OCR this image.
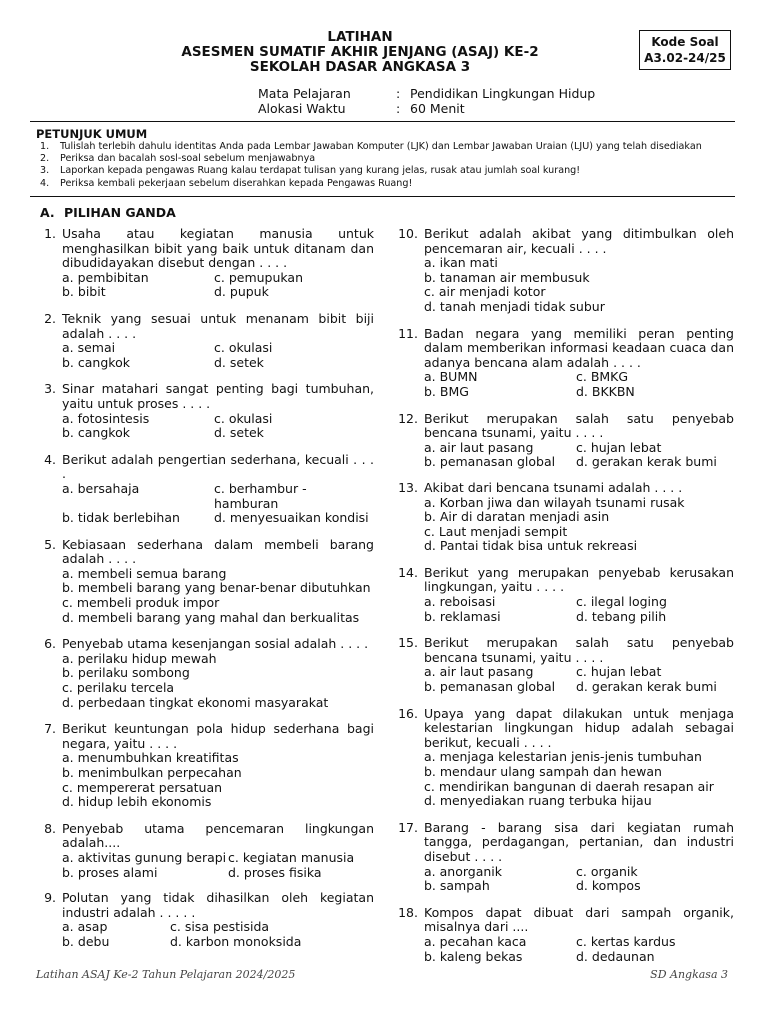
Kode Soal
A3.02-24/25
LATIHAN
ASESMEN SUMATIF AKHIR JENJANG (ASAJ) KE-2
SEKOLAH DASAR ANGKASA 3
Mata Pelajaran	: Pendidikan Lingkungan Hidup
Alokasi Waktu	: 60 Menit
PETUNJUK UMUM
1.	Tulislah terlebih dahulu identitas Anda pada Lembar Jawaban Komputer (LJK) dan Lembar Jawaban Uraian (LJU) yang telah disediakan
2.	Periksa dan bacalah sosl-soal sebelum menjawabnya
3.	Laporkan kepada pengawas Ruang kalau terdapat tulisan yang kurang jelas, rusak atau jumlah soal kurang!
4.	Periksa kembali pekerjaan sebelum diserahkan kepada Pengawas Ruang!
A. PILIHAN GANDA
1. Usaha atau kegiatan manusia untuk menghasilkan bibit yang baik untuk ditanam dan dibudidayakan disebut dengan . . . .
a. pembibitan	c. pemupukan
b. bibit	d. pupuk
2. Teknik yang sesuai untuk menanam bibit biji adalah . . . .
a. semai	c. okulasi
b. cangkok	d. setek
3. Sinar matahari sangat penting bagi tumbuhan, yaitu untuk proses . . . .
a. fotosintesis	c. okulasi
b. cangkok	d. setek
4. Berikut adalah pengertian sederhana, kecuali . . . .
a. bersahaja	c. berhambur - hamburan
b. tidak berlebihan	d. menyesuaikan kondisi
5. Kebiasaan sederhana dalam membeli barang adalah . . . .
a. membeli semua barang
b. membeli barang yang benar-benar dibutuhkan
c. membeli produk impor
d. membeli barang yang mahal dan berkualitas
6. Penyebab utama kesenjangan sosial adalah . . . .
a. perilaku hidup mewah
b. perilaku sombong
c. perilaku tercela
d. perbedaan tingkat ekonomi masyarakat
7. Berikut keuntungan pola hidup sederhana bagi negara, yaitu . . . .
a. menumbuhkan kreatifitas
b. menimbulkan perpecahan
c. mempererat persatuan
d. hidup lebih ekonomis
8. Penyebab utama pencemaran lingkungan adalah....
a. aktivitas gunung berapi c. kegiatan manusia
b. proses alami	d. proses fisika
9. Polutan yang tidak dihasilkan oleh kegiatan industri adalah . . . . .
a. asap	c. sisa pestisida
b. debu	d. karbon monoksida
10. Berikut adalah akibat yang ditimbulkan oleh pencemaran air, kecuali . . . .
a. ikan mati
b. tanaman air membusuk
c. air menjadi kotor
d. tanah menjadi tidak subur
11. Badan negara yang memiliki peran penting dalam memberikan informasi keadaan cuaca dan adanya bencana alam adalah . . . .
a. BUMN	c. BMKG
b. BMG	d. BKKBN
12. Berikut merupakan salah satu penyebab bencana tsunami, yaitu . . . .
a. air laut pasang	c. hujan lebat
b. pemanasan global	d. gerakan kerak bumi
13. Akibat dari bencana tsunami adalah . . . .
a. Korban jiwa dan wilayah tsunami rusak
b. Air di daratan menjadi asin
c. Laut menjadi sempit
d. Pantai tidak bisa untuk rekreasi
14. Berikut yang merupakan penyebab kerusakan lingkungan, yaitu . . . .
a. reboisasi	c. ilegal loging
b. reklamasi	d. tebang pilih
15. Berikut merupakan salah satu penyebab bencana tsunami, yaitu . . . .
a. air laut pasang	c. hujan lebat
b. pemanasan global	d. gerakan kerak bumi
16. Upaya yang dapat dilakukan untuk menjaga kelestarian lingkungan hidup adalah sebagai berikut, kecuali . . . .
a. menjaga kelestarian jenis-jenis tumbuhan
b. mendaur ulang sampah dan hewan
c. mendirikan bangunan di daerah resapan air
d. menyediakan ruang terbuka hijau
17. Barang - barang sisa dari kegiatan rumah tangga, perdagangan, pertanian, dan industri disebut . . . .
a. anorganik	c. organik
b. sampah	d. kompos
18. Kompos dapat dibuat dari sampah organik, misalnya dari ....
a. pecahan kaca	c. kertas kardus
b. kaleng bekas	d. dedaunan
Latihan ASAJ Ke-2 Tahun Pelajaran 2024/2025	SD Angkasa 3
